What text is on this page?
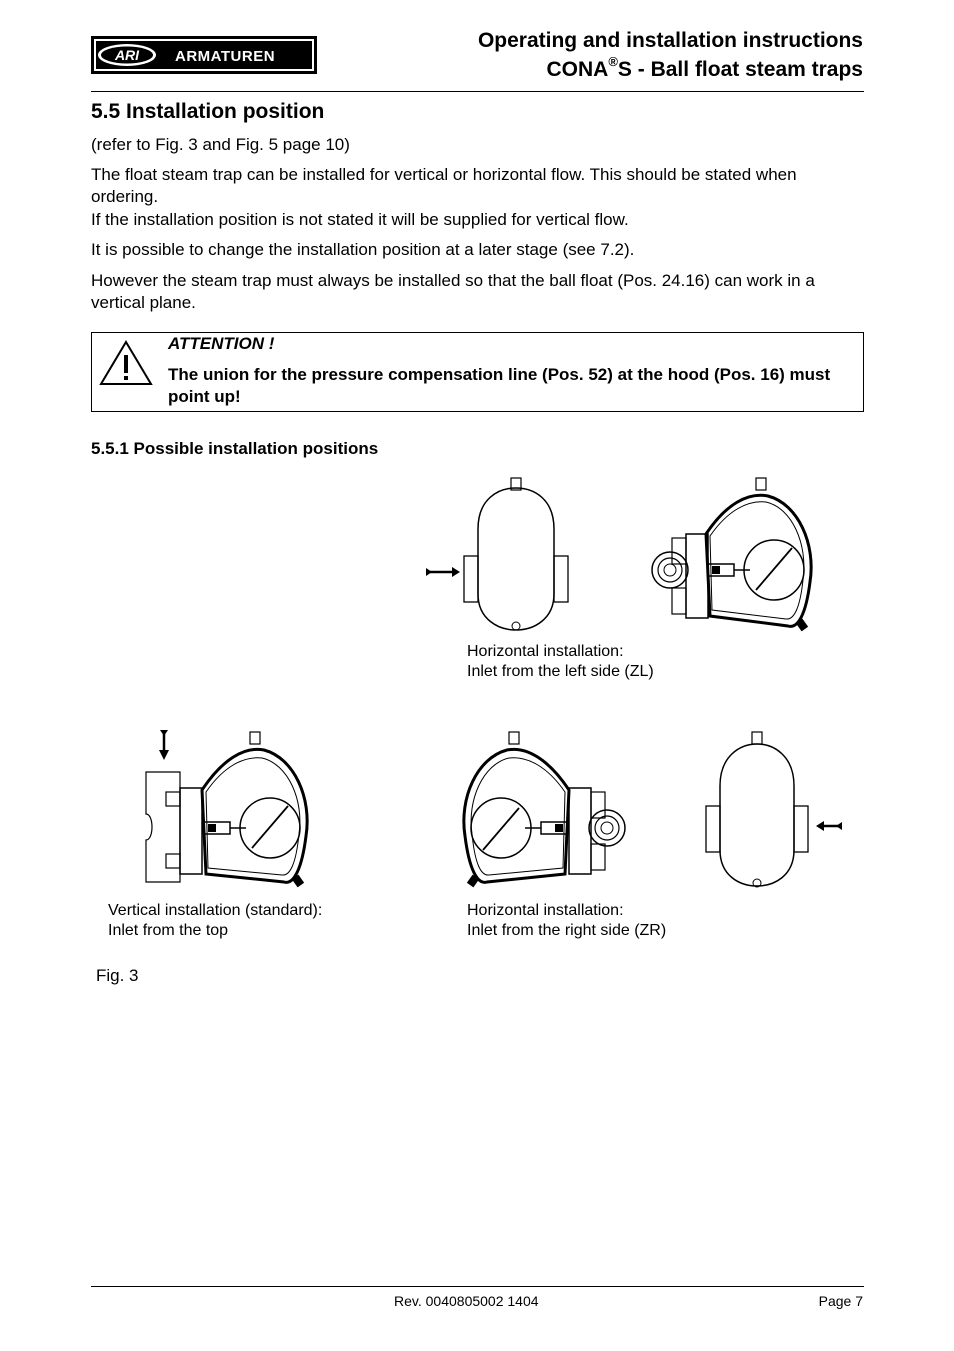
ARI ARMATUREN
Operating and installation instructions
CONA®S - Ball float steam traps
5.5 Installation position
(refer to Fig. 3 and Fig. 5 page 10)
The float steam trap can be installed for vertical or horizontal flow. This should be stated when ordering.
If the installation position is not stated it will be supplied for vertical flow.
It is possible to change the installation position at a later stage (see 7.2).
However the steam trap must always be installed so that the ball float (Pos. 24.16) can work in a vertical plane.
ATTENTION !
The union for the pressure compensation line (Pos. 52) at the hood (Pos. 16) must point up!
5.5.1 Possible installation positions
Horizontal installation:
Inlet from the left side (ZL)
Vertical installation (standard):
Inlet from the top
Horizontal installation:
Inlet from the right side (ZR)
Fig. 3
Rev. 0040805002 1404	Page 7
